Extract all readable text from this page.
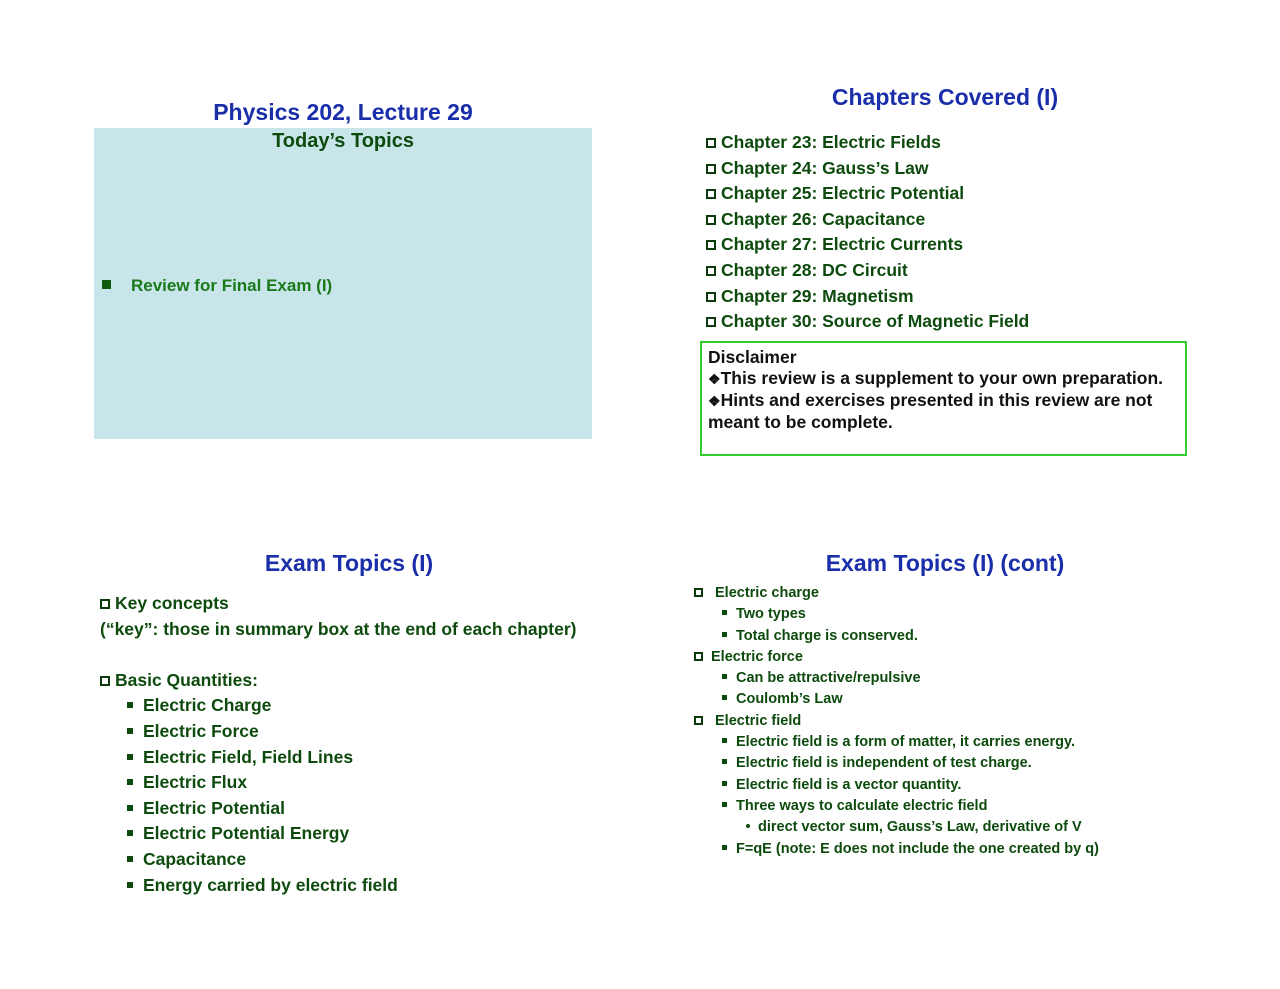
Physics 202, Lecture 29
Today’s Topics
Review for Final Exam (I)
Chapters Covered (I)
Chapter 23: Electric Fields
Chapter 24: Gauss’s Law
Chapter 25: Electric Potential
Chapter 26: Capacitance
Chapter 27: Electric Currents
Chapter 28: DC Circuit
Chapter 29: Magnetism
Chapter 30: Source of Magnetic Field

Disclaimer

❖This review is a supplement to your own preparation.

❖Hints and exercises presented in this review are not meant to be complete.

Exam Topics (I)
Key concepts
(“key”: those in summary box at the end of each chapter)
Basic Quantities:
Electric Charge
Electric Force
Electric Field, Field Lines
Electric Flux
Electric Potential
Electric Potential Energy
Capacitance
Energy carried by electric field
Exam Topics (I) (cont)
Electric charge
Two types
Total charge is conserved.
Electric force
Can be attractive/repulsive
Coulomb’s Law
Electric field
Electric field is a form of matter, it carries energy.
Electric field is independent of test charge.
Electric field is a vector quantity.
Three ways to calculate electric field
direct vector sum, Gauss’s Law, derivative of V
F=qE (note: E does not include the one created by q)
